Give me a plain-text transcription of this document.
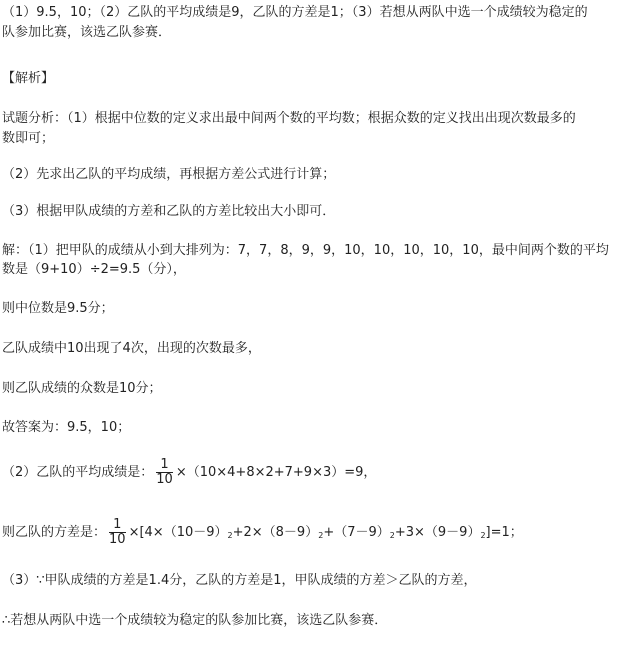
（1）9.5，10；（2）乙队的平均成绩是9，乙队的方差是1；（3）若想从两队中选一个成绩较为稳定的
队参加比赛，该选乙队参赛．
【解析】
试题分析：（1）根据中位数的定义求出最中间两个数的平均数；根据众数的定义找出出现次数最多的
数即可；
（2）先求出乙队的平均成绩，再根据方差公式进行计算；
（3）根据甲队成绩的方差和乙队的方差比较出大小即可．
解：（1）把甲队的成绩从小到大排列为：7，7，8，9，9，10，10，10，10，10，最中间两个数的平均
数是（9+10）÷2=9.5（分），
则中位数是9.5分；
乙队成绩中10出现了4次，出现的次数最多，
则乙队成绩的众数是10分；
故答案为：9.5，10；
（2）乙队的平均成绩是： $\frac{1}{10} \times(10\times 4+8\times 2+7+9\times 3)=9$，
则乙队的方差是： $\frac{1}{10} \times[4\times(10-9)_2+2\times(8-9)_2+(7-9)_2+3\times(9-9)_2]=1$；
（3）∵甲队成绩的方差是1.4分，乙队的方差是1，甲队成绩的方差＞乙队的方差，
∴若想从两队中选一个成绩较为稳定的队参加比赛，该选乙队参赛．
